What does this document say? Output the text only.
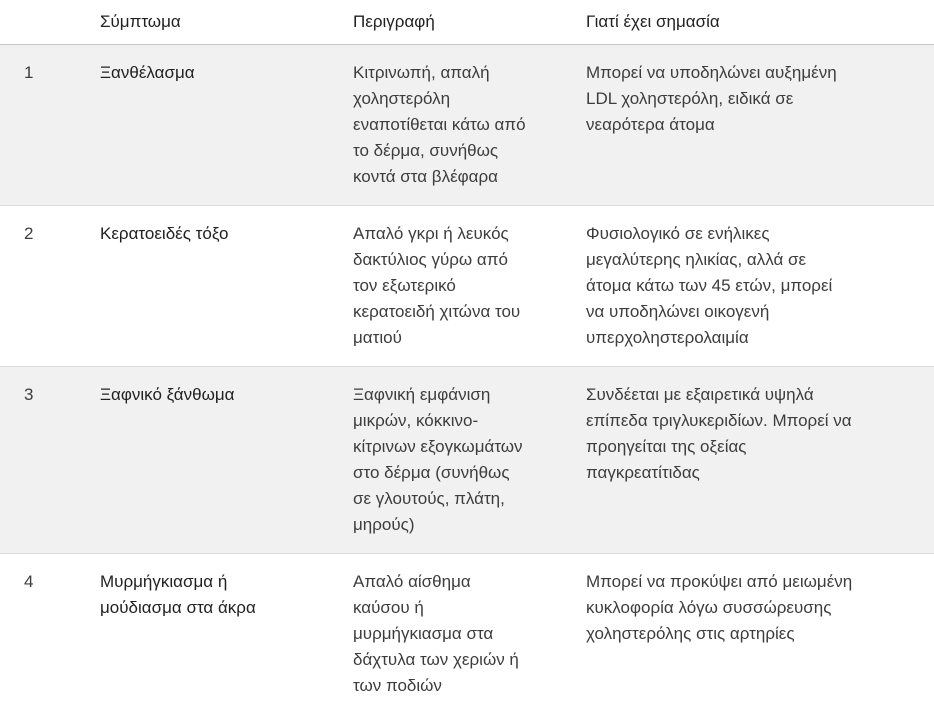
	Σύμπτωμα	Περιγραφή	Γιατί έχει σημασία
1	Ξανθέλασμα	Κιτρινωπή, απαλή χοληστερόλη εναποτίθεται κάτω από το δέρμα, συνήθως κοντά στα βλέφαρα	Μπορεί να υποδηλώνει αυξημένη LDL χοληστερόλη, ειδικά σε νεαρότερα άτομα
2	Κερατοειδές τόξο	Απαλό γκρι ή λευκός δακτύλιος γύρω από τον εξωτερικό κερατοειδή χιτώνα του ματιού	Φυσιολογικό σε ενήλικες μεγαλύτερης ηλικίας, αλλά σε άτομα κάτω των 45 ετών, μπορεί να υποδηλώνει οικογενή υπερχοληστερολαιμία
3	Ξαφνικό ξάνθωμα	Ξαφνική εμφάνιση μικρών, κόκκινο-κίτρινων εξογκωμάτων στο δέρμα (συνήθως σε γλουτούς, πλάτη, μηρούς)	Συνδέεται με εξαιρετικά υψηλά επίπεδα τριγλυκεριδίων. Μπορεί να προηγείται της οξείας παγκρεατίτιδας
4	Μυρμήγκιασμα ή μούδιασμα στα άκρα	Απαλό αίσθημα καύσου ή μυρμήγκιασμα στα δάχτυλα των χεριών ή των ποδιών	Μπορεί να προκύψει από μειωμένη κυκλοφορία λόγω συσσώρευσης χοληστερόλης στις αρτηρίες
